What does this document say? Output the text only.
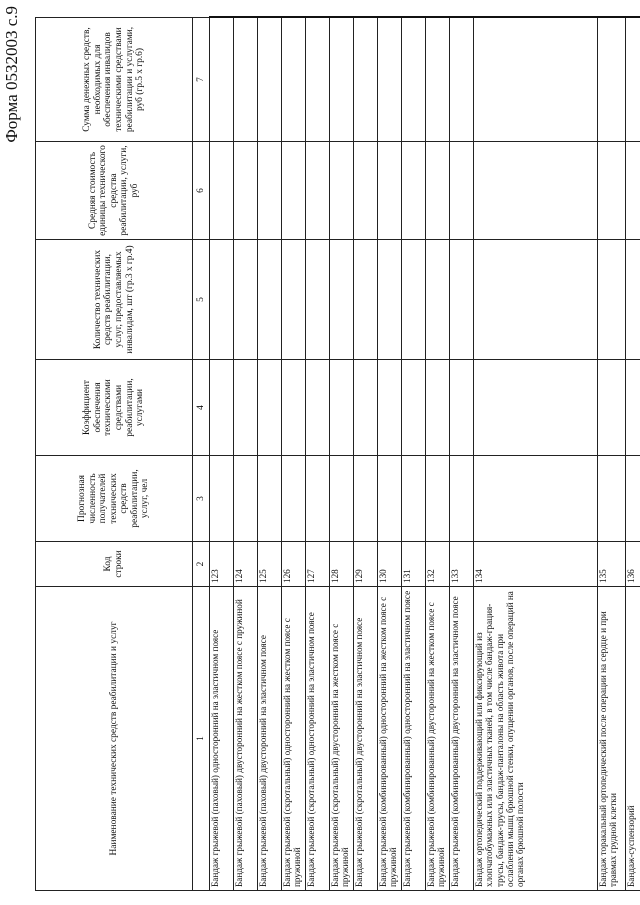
Форма 0532003 с.9
Наименование технических средств реабилитации и услуг	Код строки	Прогнозная численность получателей технических средств реабилитации, услуг, чел	Коэффициент обеспечения техническими средствами реабилитации, услугами	Количество технических средств реабилитации, услуг, предоставляемых инвалидам, шт (гр.3 х гр.4)	Средняя стоимость единицы технического средства реабилитации, услуги, руб	Сумма денежных средств, необходимых для обеспечения инвалидов техническими средствами реабилитации и услугами, руб (гр.5 х гр.6)
1	2	3	4	5	6	7
Бандаж грыжевой (паховый) односторонний на эластичном поясе	123					
Бандаж грыжевой (паховый) двусторонний на жестком поясе с пружиной	124					
Бандаж грыжевой (паховый) двусторонний на эластичном поясе	125					
Бандаж грыжевой (скротальный) односторонний на жестком поясе с пружиной	126					
Бандаж грыжевой (скротальный) односторонний на эластичном поясе	127					
Бандаж грыжевой (скротальный) двусторонний на жестком поясе с пружиной	128					
Бандаж грыжевой (скротальный) двусторонний на эластичном поясе	129					
Бандаж грыжевой (комбинированный) односторонний на жестком поясе с пружиной	130					
Бандаж грыжевой (комбинированный) односторонний на эластичном поясе	131					
Бандаж грыжевой (комбинированный) двусторонний на жестком поясе с пружиной	132					
Бандаж грыжевой (комбинированный) двусторонний на эластичном поясе	133					
Бандаж ортопедический поддерживающий или фиксирующий из хлопчатобумажных или эластичных тканей, в том числе бандаж-грация-трусы, бандаж-трусы, бандаж-панталоны на область живота при ослаблении мышц брюшной стенки, опущении органов, после операций на органах брюшной полости	134					
Бандаж торакальный ортопедический после операции на сердце и при травмах грудной клетки	135					
Бандаж-суспензорий	136					
